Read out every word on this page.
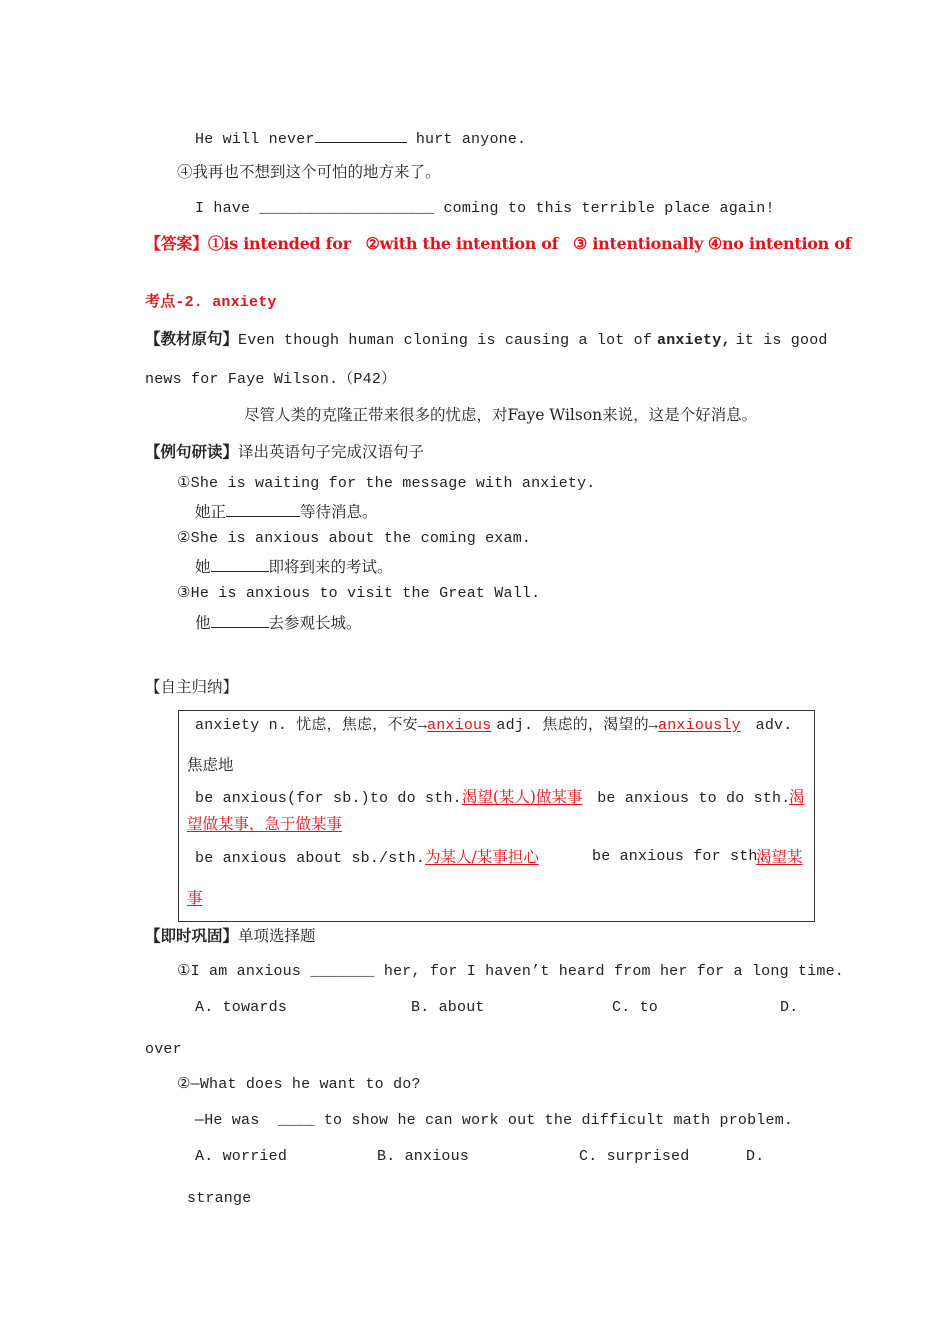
He will never	hurt anyone.
④我再也不想到这个可怕的地方来了。
I have ___________________ coming to this terrible place again!
【答案】①is intended for ②with the intention of ③ intentionally ④no intention of
考点-2. anxiety
【教材原句】Even though human cloning is causing a lot of anxiety, it is good
news for Faye Wilson.（P42）
尽管人类的克隆正带来很多的忧虑，对Faye Wilson来说，这是个好消息。
【例句研读】译出英语句子完成汉语句子
①She is waiting for the message with anxiety.
她正	等待消息。
②She is anxious about the coming exam.
她	即将到来的考试。
③He is anxious to visit the Great Wall.
他	去参观长城。
【自主归纳】
anxiety n. 忧虑，焦虑，不安→anxious adj. 焦虑的，渴望的→anxiously adv.
焦虑地
be anxious(for sb.)to do sth.渴望(某人)做某事 be anxious to do sth.
渴
望做某事，急于做某事
be anxious about sb./sth.为某人/某事担心	be anxious for sth.
渴望某
事
【即时巩固】单项选择题
①I am anxious _______ her, for I haven’t heard from her for a long time.
A. towards	B. about	C. to	D.
over
②—What does he want to do?
—He was ____ to show he can work out the difficult math problem.
A. worried	B. anxious	C. surprised	D.
strange
